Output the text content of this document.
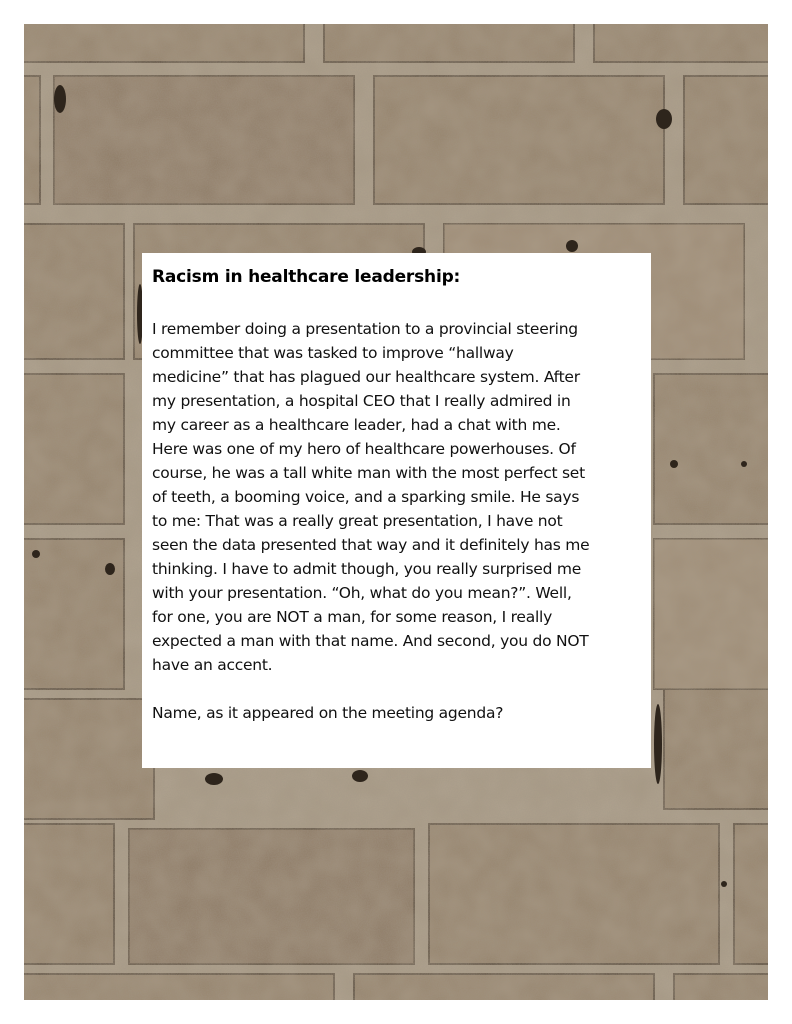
Racism in healthcare leadership:

I remember doing a presentation to a provincial steering
committee that was tasked to improve “hallway
medicine” that has plagued our healthcare system. After
my presentation, a hospital CEO that I really admired in
my career as a healthcare leader, had a chat with me.
Here was one of my hero of healthcare powerhouses. Of
course, he was a tall white man with the most perfect set
of teeth, a booming voice, and a sparking smile. He says
to me: That was a really great presentation, I have not
seen the data presented that way and it definitely has me
thinking. I have to admit though, you really surprised me
with your presentation. “Oh, what do you mean?”. Well,
for one, you are NOT a man, for some reason, I really
expected a man with that name. And second, you do NOT
have an accent.

Name, as it appeared on the meeting agenda?
